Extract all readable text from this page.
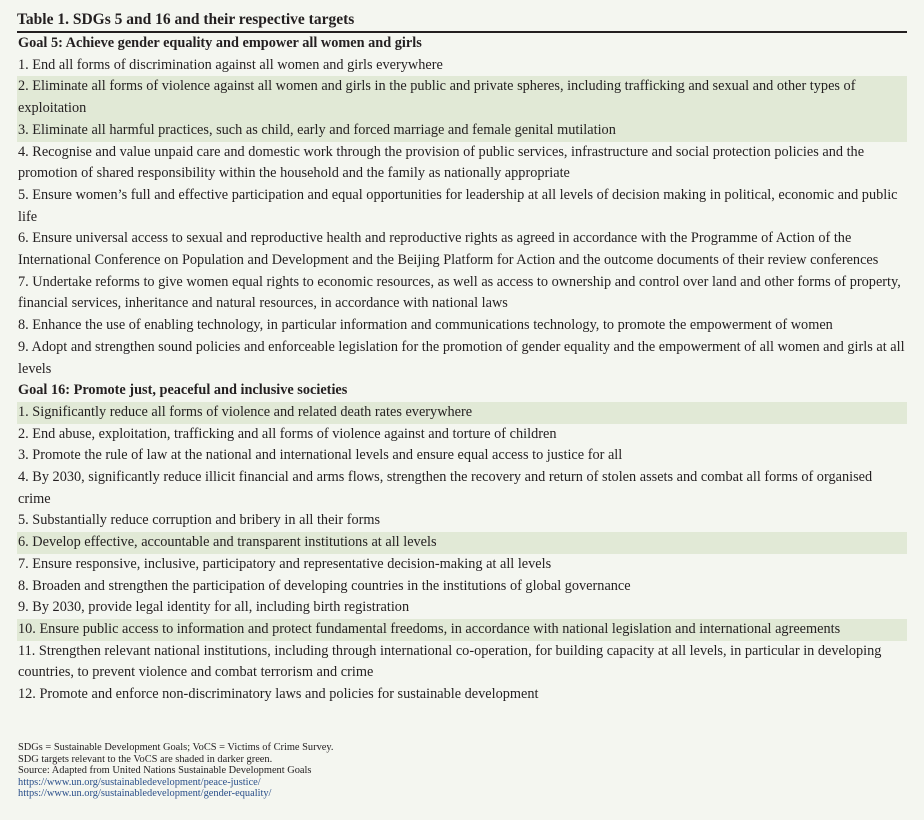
Table 1. SDGs 5 and 16 and their respective targets
Goal 5: Achieve gender equality and empower all women and girls
1. End all forms of discrimination against all women and girls everywhere
2. Eliminate all forms of violence against all women and girls in the public and private spheres, including trafficking and sexual and other types of exploitation
3. Eliminate all harmful practices, such as child, early and forced marriage and female genital mutilation
4. Recognise and value unpaid care and domestic work through the provision of public services, infrastructure and social protection policies and the promotion of shared responsibility within the household and the family as nationally appropriate
5. Ensure women’s full and effective participation and equal opportunities for leadership at all levels of decision making in political, economic and public life
6. Ensure universal access to sexual and reproductive health and reproductive rights as agreed in accordance with the Programme of Action of the International Conference on Population and Development and the Beijing Platform for Action and the outcome documents of their review conferences
7. Undertake reforms to give women equal rights to economic resources, as well as access to ownership and control over land and other forms of property, financial services, inheritance and natural resources, in accordance with national laws
8. Enhance the use of enabling technology, in particular information and communications technology, to promote the empowerment of women
9. Adopt and strengthen sound policies and enforceable legislation for the promotion of gender equality and the empowerment of all women and girls at all levels
Goal 16: Promote just, peaceful and inclusive societies
1. Significantly reduce all forms of violence and related death rates everywhere
2. End abuse, exploitation, trafficking and all forms of violence against and torture of children
3. Promote the rule of law at the national and international levels and ensure equal access to justice for all
4. By 2030, significantly reduce illicit financial and arms flows, strengthen the recovery and return of stolen assets and combat all forms of organised crime
5. Substantially reduce corruption and bribery in all their forms
6. Develop effective, accountable and transparent institutions at all levels
7. Ensure responsive, inclusive, participatory and representative decision-making at all levels
8. Broaden and strengthen the participation of developing countries in the institutions of global governance
9. By 2030, provide legal identity for all, including birth registration
10. Ensure public access to information and protect fundamental freedoms, in accordance with national legislation and international agreements
11. Strengthen relevant national institutions, including through international co-operation, for building capacity at all levels, in particular in developing countries, to prevent violence and combat terrorism and crime
12. Promote and enforce non-discriminatory laws and policies for sustainable development
SDGs = Sustainable Development Goals; VoCS = Victims of Crime Survey.
SDG targets relevant to the VoCS are shaded in darker green.
Source: Adapted from United Nations Sustainable Development Goals
https://www.un.org/sustainabledevelopment/peace-justice/
https://www.un.org/sustainabledevelopment/gender-equality/
